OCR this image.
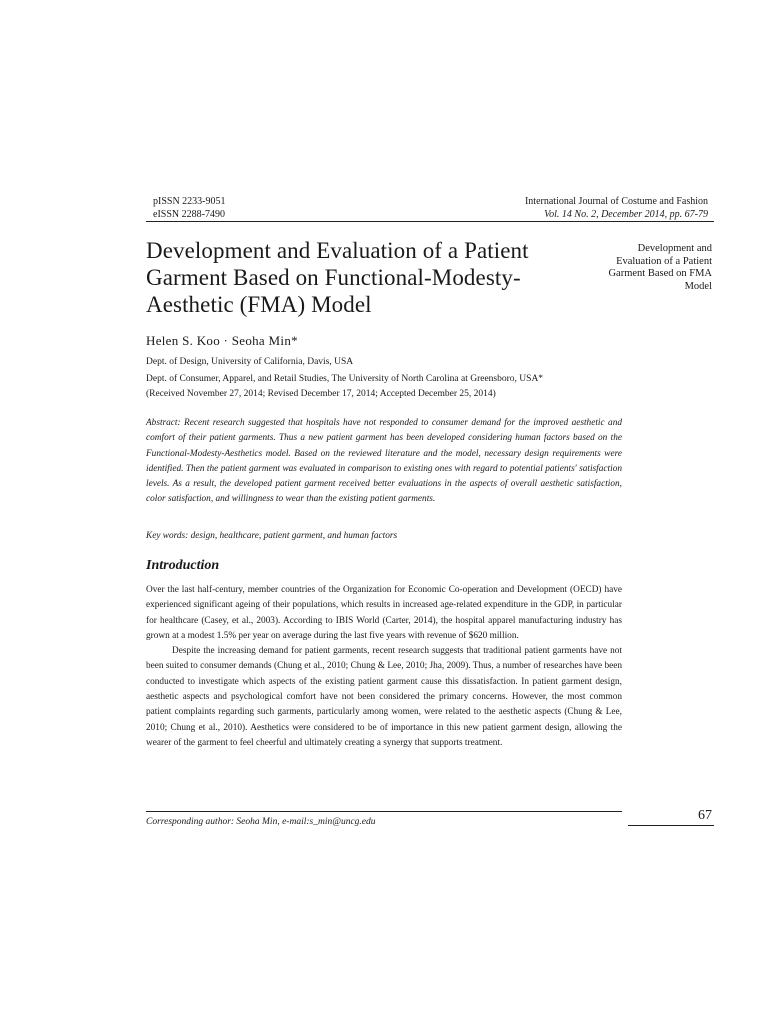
pISSN 2233-9051
eISSN 2288-7490
International Journal of Costume and Fashion
Vol. 14 No. 2, December 2014, pp. 67-79
Development and Evaluation of a Patient Garment Based on Functional-Modesty-Aesthetic (FMA) Model
Development and Evaluation of a Patient Garment Based on FMA Model
Helen S. Koo · Seoha Min*
Dept. of Design, University of California, Davis, USA
Dept. of Consumer, Apparel, and Retail Studies, The University of North Carolina at Greensboro, USA*
(Received November 27, 2014; Revised December 17, 2014; Accepted December 25, 2014)

Abstract: Recent research suggested that hospitals have not responded to consumer demand for the improved aesthetic and comfort of their patient garments. Thus a new patient garment has been developed considering human factors based on the Functional-Modesty-Aesthetics model. Based on the reviewed literature and the model, necessary design requirements were identified. Then the patient garment was evaluated in comparison to existing ones with regard to potential patients' satisfaction levels. As a result, the developed patient garment received better evaluations in the aspects of overall aesthetic satisfaction, color satisfaction, and willingness to wear than the existing patient garments.

Key words: design, healthcare, patient garment, and human factors
Introduction

Over the last half-century, member countries of the Organization for Economic Co-operation and Development (OECD) have experienced significant ageing of their populations, which results in increased age-related expenditure in the GDP, in particular for healthcare (Casey, et al., 2003). According to IBIS World (Carter, 2014), the hospital apparel manufacturing industry has grown at a modest 1.5% per year on average during the last five years with revenue of $620 million.

Despite the increasing demand for patient garments, recent research suggests that traditional patient garments have not been suited to consumer demands (Chung et al., 2010; Chung & Lee, 2010; Jha, 2009). Thus, a number of researches have been conducted to investigate which aspects of the existing patient garment cause this dissatisfaction. In patient garment design, aesthetic aspects and psychological comfort have not been considered the primary concerns. However, the most common patient complaints regarding such garments, particularly among women, were related to the aesthetic aspects (Chung & Lee, 2010; Chung et al., 2010). Aesthetics were considered to be of importance in this new patient garment design, allowing the wearer of the garment to feel cheerful and ultimately creating a synergy that supports treatment.

Corresponding author: Seoha Min, e-mail:s_min@uncg.edu	67
